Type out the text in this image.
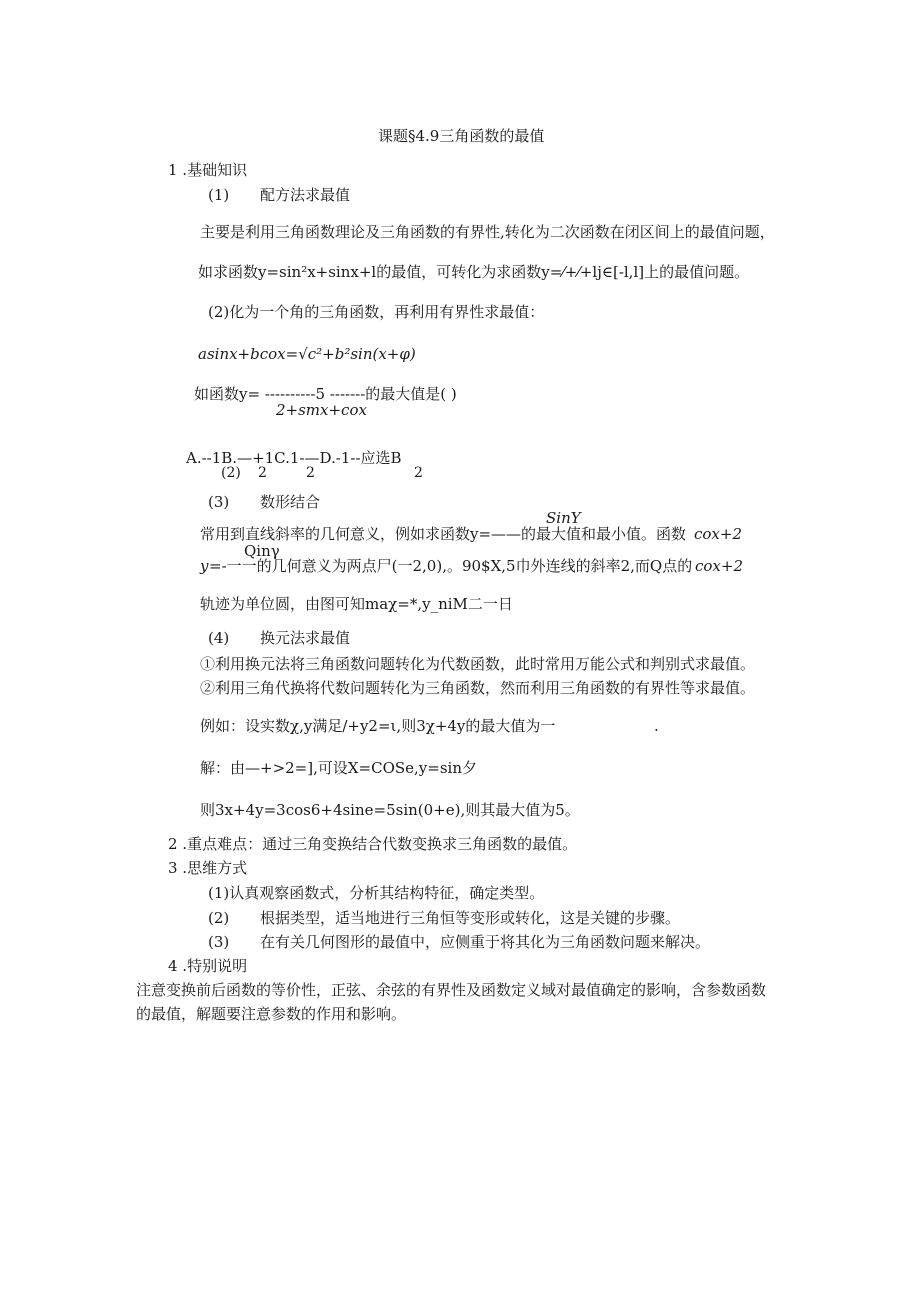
课题§4.9三角函数的最值
1 .基础知识
(1) 配方法求最值
主要是利用三角函数理论及三角函数的有界性,转化为二次函数在闭区间上的最值问题，
如求函数y=sin²x+sinx+l的最值，可转化为求函数y=⁄+⁄+lj∈[-l,l]上的最值问题。
(2)化为一个角的三角函数，再利用有界性求最值：
asinx+bcox=√c²+b²sin(x+φ)
如函数y= ----------5 -------的最大值是( )
2+smx+cox
A.--1B.—+1C.1-—D.-1--应选B
(2) 2	2	2
(3) 数形结合
SinY
常用到直线斜率的几何意义，例如求函数y=——的最大值和最小值。函数 cox+2
Qinγ
y =-一一的几何意义为两点尸(一2,0),。90$X,5巾外连线的斜率2,而Q点的 cox+2
轨迹为单位圆，由图可知maχ=*,y_niM二一日
(4) 换元法求最值
①利用换元法将三角函数问题转化为代数函数，此时常用万能公式和判别式求最值。
②利用三角代换将代数问题转化为三角函数，然而利用三角函数的有界性等求最值。
例如：设实数χ,y满足/+y2=ι,则3χ+4y的最大值为一	.
解：由—+>2=],可设X=COSe,y=sin夕
则3x+4y=3cos6+4sine=5sin(0+e),则其最大值为5。
2 .重点难点：通过三角变换结合代数变换求三角函数的最值。
3 .思维方式
(1)认真观察函数式，分析其结构特征，确定类型。
(2) 根据类型，适当地进行三角恒等变形或转化，这是关键的步骤。
(3) 在有关几何图形的最值中，应侧重于将其化为三角函数问题来解决。
4 .特别说明
注意变换前后函数的等价性，正弦、余弦的有界性及函数定义域对最值确定的影响，含参数函数
的最值，解题要注意参数的作用和影响。
